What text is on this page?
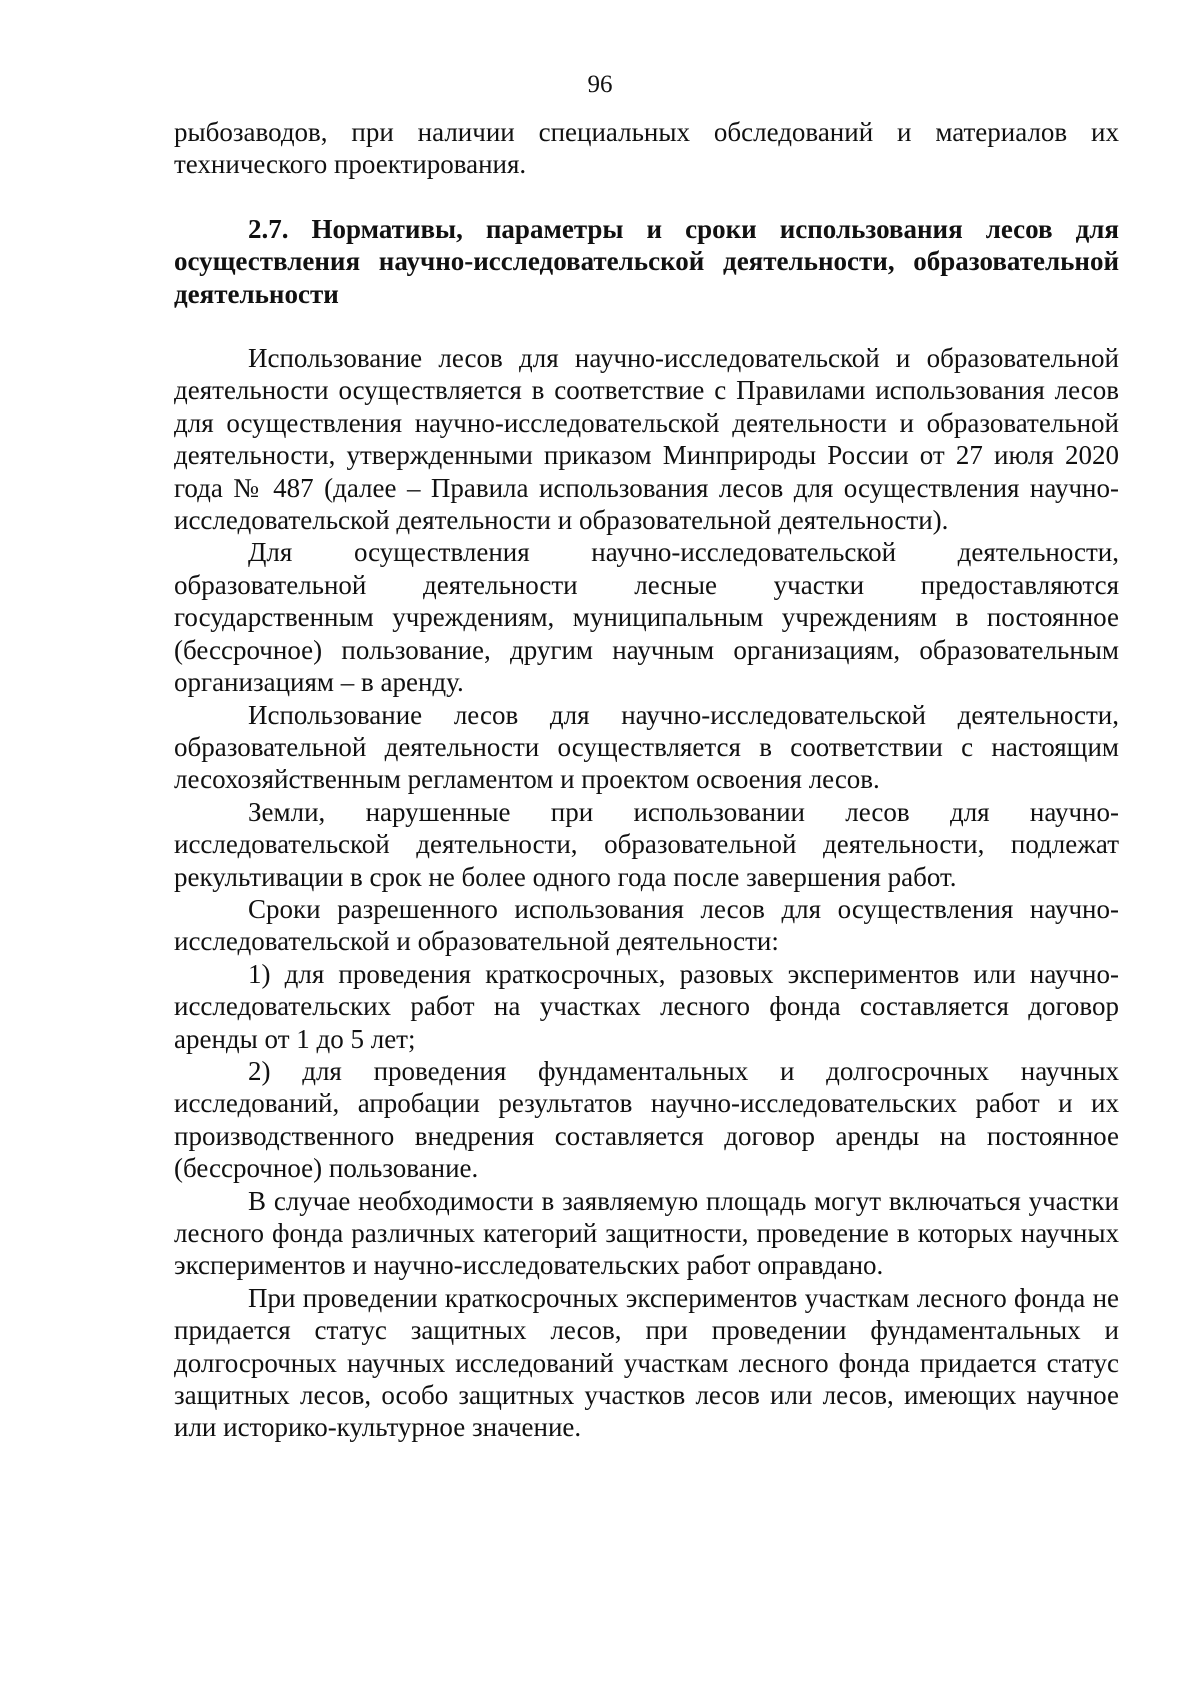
96

рыбозаводов, при наличии специальных обследований и материалов их технического проектирования.

2.7. Нормативы, параметры и сроки использования лесов для осуществления научно-исследовательской деятельности, образовательной деятельности

Использование лесов для научно-исследовательской и образовательной деятельности осуществляется в соответствие с Правилами использования лесов для осуществления научно-исследовательской деятельности и образовательной деятельности, утвержденными приказом Минприроды России от 27 июля 2020 года № 487 (далее – Правила использования лесов для осуществления научно-исследовательской деятельности и образовательной деятельности).

Для осуществления научно-исследовательской деятельности, образовательной деятельности лесные участки предоставляются государственным учреждениям, муниципальным учреждениям в постоянное (бессрочное) пользование, другим научным организациям, образовательным организациям – в аренду.

Использование лесов для научно-исследовательской деятельности, образовательной деятельности осуществляется в соответствии с настоящим лесохозяйственным регламентом и проектом освоения лесов.

Земли, нарушенные при использовании лесов для научно-исследовательской деятельности, образовательной деятельности, подлежат рекультивации в срок не более одного года после завершения работ.

Сроки разрешенного использования лесов для осуществления научно-исследовательской и образовательной деятельности:

1) для проведения краткосрочных, разовых экспериментов или научно-исследовательских работ на участках лесного фонда составляется договор аренды от 1 до 5 лет;

2) для проведения фундаментальных и долгосрочных научных исследований, апробации результатов научно-исследовательских работ и их производственного внедрения составляется договор аренды на постоянное (бессрочное) пользование.

В случае необходимости в заявляемую площадь могут включаться участки лесного фонда различных категорий защитности, проведение в которых научных экспериментов и научно-исследовательских работ оправдано.

При проведении краткосрочных экспериментов участкам лесного фонда не придается статус защитных лесов, при проведении фундаментальных и долгосрочных научных исследований участкам лесного фонда придается статус защитных лесов, особо защитных участков лесов или лесов, имеющих научное или историко-культурное значение.
